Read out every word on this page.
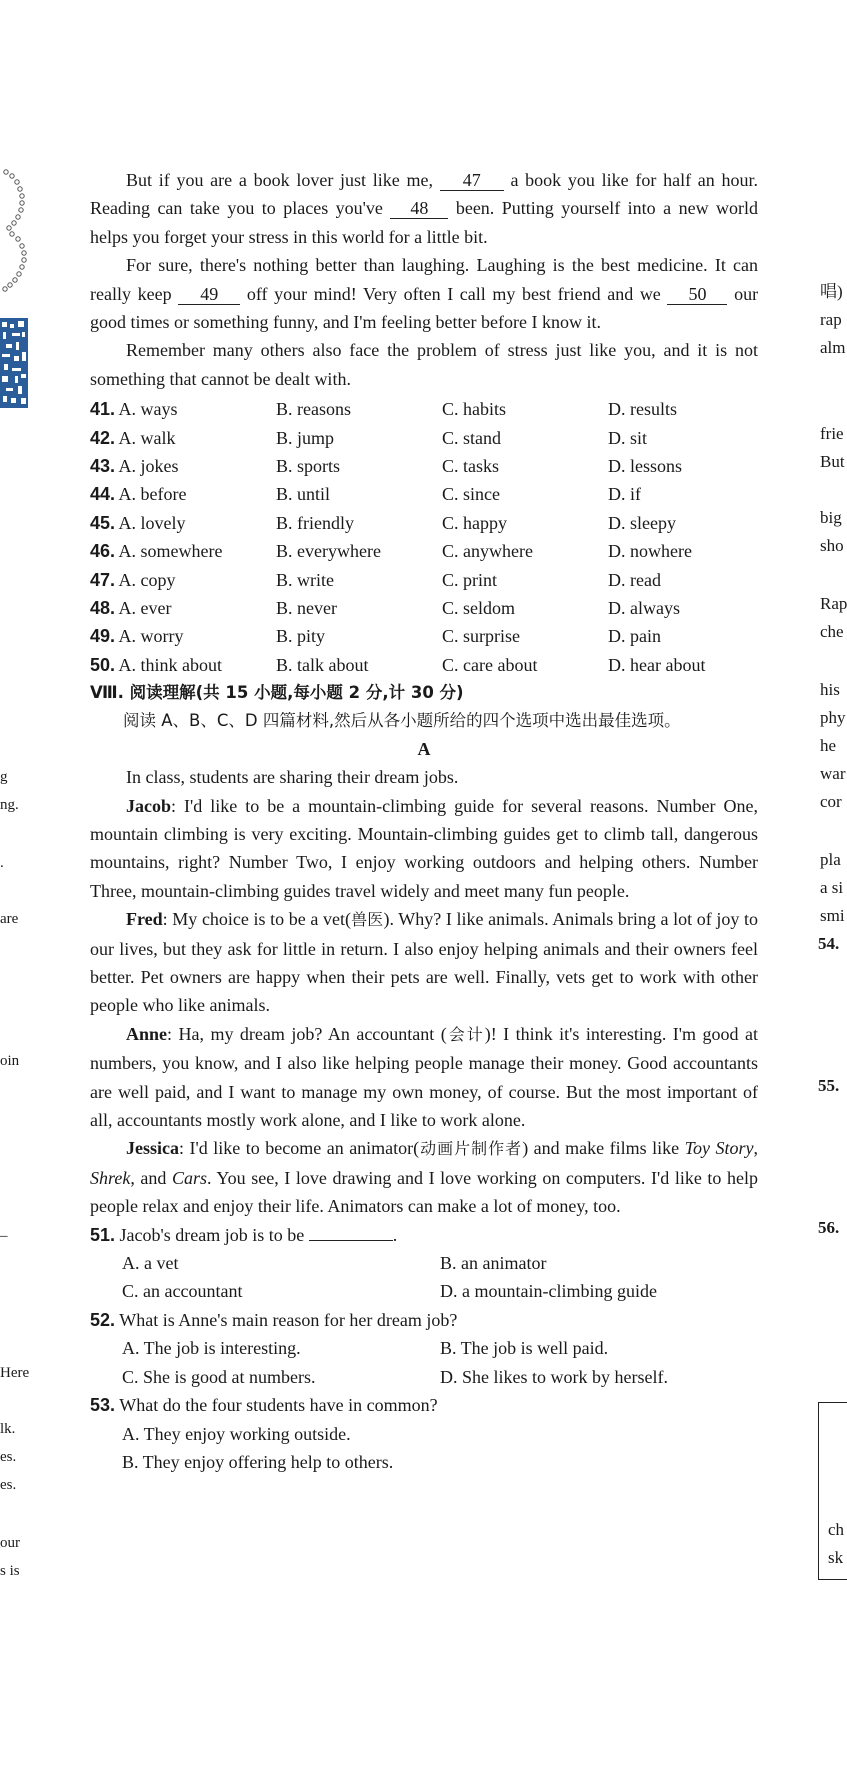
g
ng.
.
are
oin
_
Here
lk.
es.
es.
our
s is

But if you are a book lover just like me, 47 a book you like for half an hour. Reading can take you to places you've 48 been. Putting yourself into a new world helps you forget your stress in this world for a little bit.

For sure, there's nothing better than laughing. Laughing is the best medicine. It can really keep 49 off your mind! Very often I call my best friend and we 50 our good times or something funny, and I'm feeling better before I know it.

Remember many others also face the problem of stress just like you, and it is not something that cannot be dealt with.

41. A. ways	B. reasons	C. habits	D. results
42. A. walk	B. jump	C. stand	D. sit
43. A. jokes	B. sports	C. tasks	D. lessons
44. A. before	B. until	C. since	D. if
45. A. lovely	B. friendly	C. happy	D. sleepy
46. A. somewhere	B. everywhere	C. anywhere	D. nowhere
47. A. copy	B. write	C. print	D. read
48. A. ever	B. never	C. seldom	D. always
49. A. worry	B. pity	C. surprise	D. pain
50. A. think about	B. talk about	C. care about	D. hear about
Ⅷ. 阅读理解(共 15 小题,每小题 2 分,计 30 分)
阅读 A、B、C、D 四篇材料,然后从各小题所给的四个选项中选出最佳选项。
A

In class, students are sharing their dream jobs.

Jacob: I'd like to be a mountain-climbing guide for several reasons. Number One, mountain climbing is very exciting. Mountain-climbing guides get to climb tall, dangerous mountains, right? Number Two, I enjoy working outdoors and helping others. Number Three, mountain-climbing guides travel widely and meet many fun people.

Fred: My choice is to be a vet(兽医). Why? I like animals. Animals bring a lot of joy to our lives, but they ask for little in return. I also enjoy helping animals and their owners feel better. Pet owners are happy when their pets are well. Finally, vets get to work with other people who like animals.

Anne: Ha, my dream job? An accountant (会计)! I think it's interesting. I'm good at numbers, you know, and I also like helping people manage their money. Good accountants are well paid, and I want to manage my own money, of course. But the most important of all, accountants mostly work alone, and I like to work alone.

Jessica: I'd like to become an animator(动画片制作者) and make films like Toy Story, Shrek, and Cars. You see, I love drawing and I love working on computers. I'd like to help people relax and enjoy their life. Animators can make a lot of money, too.

51. Jacob's dream job is to be	.

A. a vet	B. an animator
C. an accountant	D. a mountain-climbing guide

52. What is Anne's main reason for her dream job?

A. The job is interesting.	B. The job is well paid.
C. She is good at numbers.	D. She likes to work by herself.

53. What do the four students have in common?

A. They enjoy working outside.
B. They enjoy offering help to others.
唱)
rap
alm
frie
But
big
sho
Rap
che
his
phy
he
war
cor
pla
a si
smi
54.
55.
56.
ch
sk
